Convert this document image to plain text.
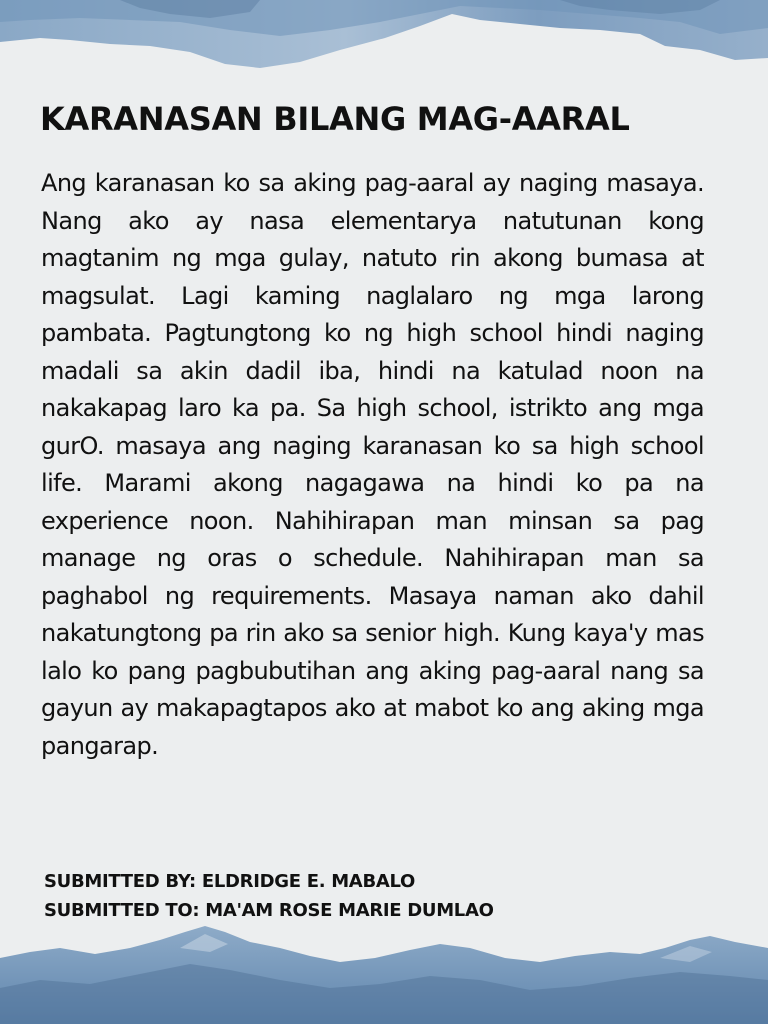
KARANASAN BILANG MAG-AARAL

Ang karanasan ko sa aking pag-aaral ay naging masaya. Nang ako ay nasa elementarya natutunan kong magtanim ng mga gulay, natuto rin akong bumasa at magsulat. Lagi kaming naglalaro ng mga larong pambata. Pagtungtong ko ng high school hindi naging madali sa akin dadil iba, hindi na katulad noon na nakakapag laro ka pa. Sa high school, istrikto ang mga gurO. masaya ang naging karanasan ko sa high school life. Marami akong nagagawa na hindi ko pa na experience noon. Nahihirapan man minsan sa pag manage ng oras o schedule. Nahihirapan man sa paghabol ng requirements. Masaya naman ako dahil nakatungtong pa rin ako sa senior high. Kung kaya'y mas lalo ko pang pagbubutihan ang aking pag-aaral nang sa gayun ay makapagtapos ako at mabot ko ang aking mga pangarap.

SUBMITTED BY: ELDRIDGE E. MABALO
SUBMITTED TO: MA'AM ROSE MARIE DUMLAO
